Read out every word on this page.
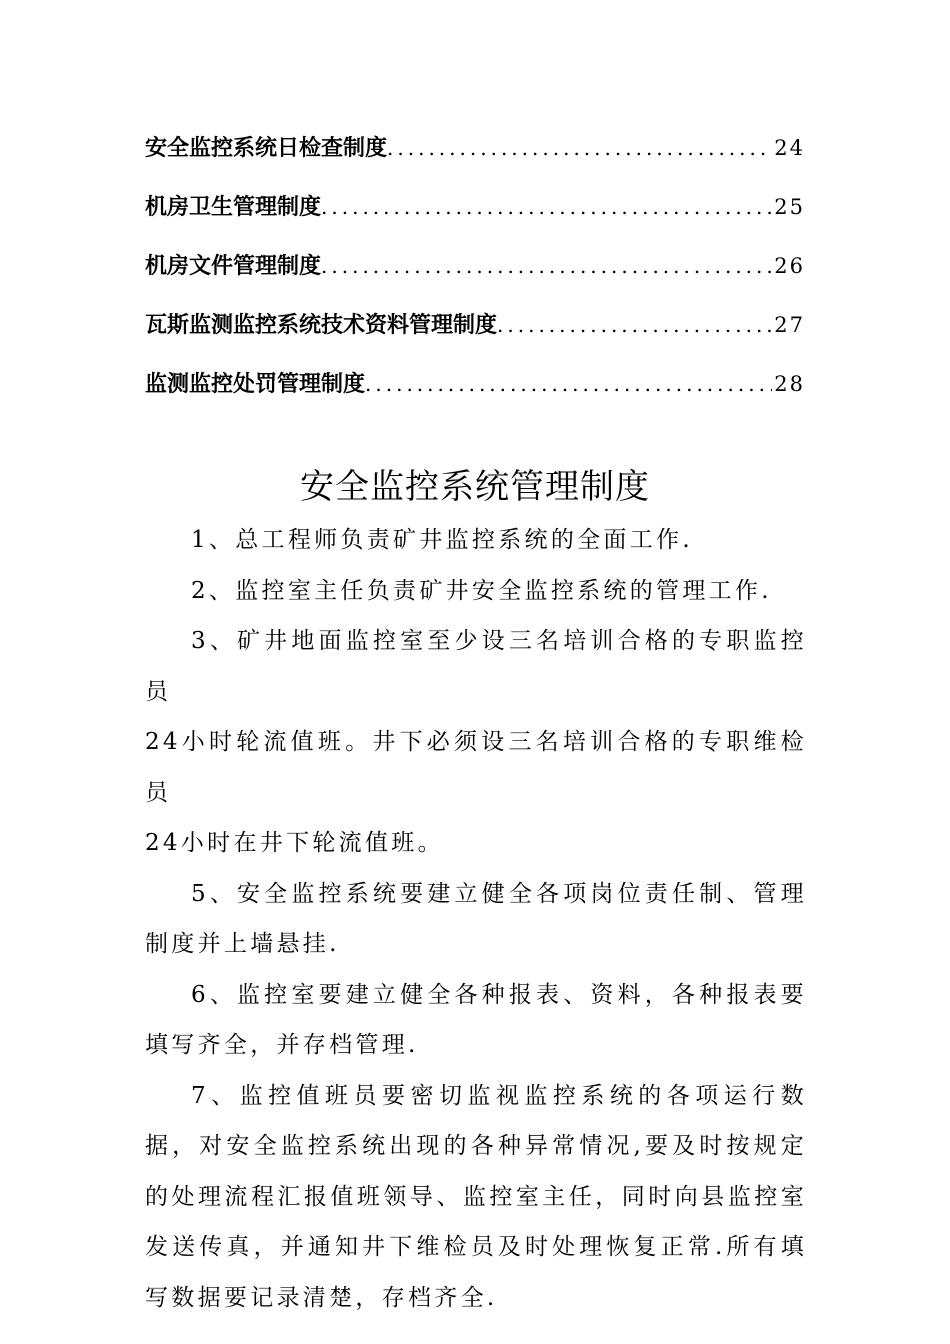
安全监控系统日检查制度 .....	24
机房卫生管理制度 .....	25
机房文件管理制度 .....	26
瓦斯监测监控系统技术资料管理制度 .....	27
监测监控处罚管理制度 .....	28
安全监控系统管理制度

1、总工程师负责矿井监控系统的全面工作.

2、监控室主任负责矿井安全监控系统的管理工作.

3、矿井地面监控室至少设三名培训合格的专职监控员

24小时轮流值班。井下必须设三名培训合格的专职维检员

24小时在井下轮流值班。

5、安全监控系统要建立健全各项岗位责任制、管理制度并上墙悬挂.

6、监控室要建立健全各种报表、资料，各种报表要填写齐全，并存档管理.

7、监控值班员要密切监视监控系统的各项运行数据，对安全监控系统出现的各种异常情况,要及时按规定的处理流程汇报值班领导、监控室主任，同时向县监控室发送传真，并通知井下维检员及时处理恢复正常.所有填写数据要记录清楚，存档齐全.
